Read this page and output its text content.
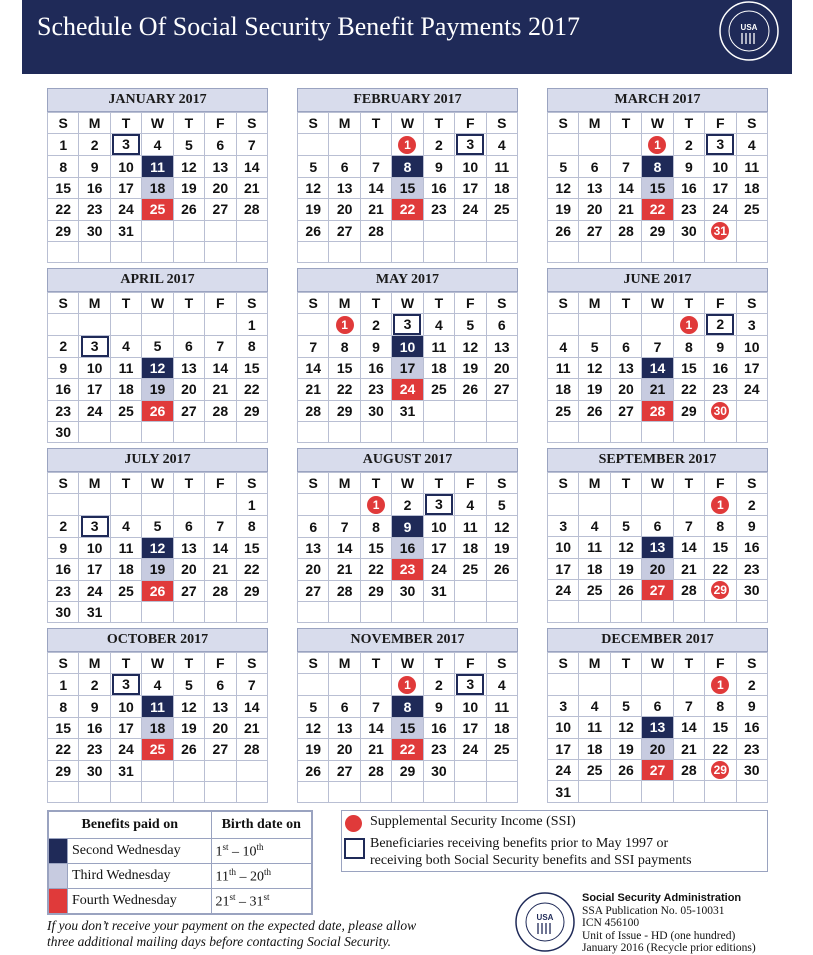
Schedule Of Social Security Benefit Payments 2017	USA
JANUARY 2017
S	M	T	W	T	F	S
1	2	3	4	5	6	7
8	9	10	11	12	13	14
15	16	17	18	19	20	21
22	23	24	25	26	27	28
29	30	31				

FEBRUARY 2017
S	M	T	W	T	F	S
			1	2	3	4
5	6	7	8	9	10	11
12	13	14	15	16	17	18
19	20	21	22	23	24	25
26	27	28				

MARCH 2017
S	M	T	W	T	F	S
			1	2	3	4
5	6	7	8	9	10	11
12	13	14	15	16	17	18
19	20	21	22	23	24	25
26	27	28	29	30	31	

APRIL 2017
S	M	T	W	T	F	S
						1
2	3	4	5	6	7	8
9	10	11	12	13	14	15
16	17	18	19	20	21	22
23	24	25	26	27	28	29
30						
MAY 2017
S	M	T	W	T	F	S
	1	2	3	4	5	6
7	8	9	10	11	12	13
14	15	16	17	18	19	20
21	22	23	24	25	26	27
28	29	30	31			

JUNE 2017
S	M	T	W	T	F	S
				1	2	3
4	5	6	7	8	9	10
11	12	13	14	15	16	17
18	19	20	21	22	23	24
25	26	27	28	29	30	

JULY 2017
S	M	T	W	T	F	S
						1
2	3	4	5	6	7	8
9	10	11	12	13	14	15
16	17	18	19	20	21	22
23	24	25	26	27	28	29
30	31					
AUGUST 2017
S	M	T	W	T	F	S
		1	2	3	4	5
6	7	8	9	10	11	12
13	14	15	16	17	18	19
20	21	22	23	24	25	26
27	28	29	30	31		

SEPTEMBER 2017
S	M	T	W	T	F	S
					1	2
3	4	5	6	7	8	9
10	11	12	13	14	15	16
17	18	19	20	21	22	23
24	25	26	27	28	29	30

OCTOBER 2017
S	M	T	W	T	F	S
1	2	3	4	5	6	7
8	9	10	11	12	13	14
15	16	17	18	19	20	21
22	23	24	25	26	27	28
29	30	31				

NOVEMBER 2017
S	M	T	W	T	F	S
			1	2	3	4
5	6	7	8	9	10	11
12	13	14	15	16	17	18
19	20	21	22	23	24	25
26	27	28	29	30		

DECEMBER 2017
S	M	T	W	T	F	S
					1	2
3	4	5	6	7	8	9
10	11	12	13	14	15	16
17	18	19	20	21	22	23
24	25	26	27	28	29	30
31						
Benefits paid on		Birth date on
	Second Wednesday	1st – 10th
	Third Wednesday	11th – 20th
	Fourth Wednesday	21st – 31st
Supplemental Security Income (SSI)
Beneficiaries receiving benefits prior to May 1997 or
receiving both Social Security benefits and SSI payments
If you don’t receive your payment on the expected date, please allow
three additional mailing days before contacting Social Security.
USA
Social Security Administration
SSA Publication No. 05-10031
ICN 456100
Unit of Issue - HD (one hundred)
January 2016 (Recycle prior editions)
